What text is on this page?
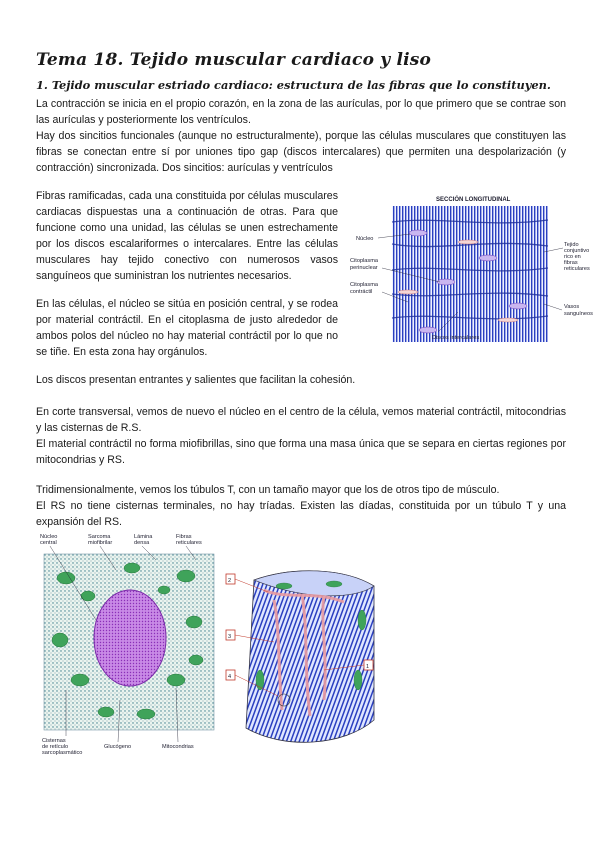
Tema 18. Tejido muscular cardiaco y liso
1. Tejido muscular estriado cardiaco: estructura de las fibras que lo constituyen.

La contracción se inicia en el propio corazón, en la zona de las aurículas, por lo que primero que se contrae son las aurículas y posteriormente los ventrículos.

Hay dos sincitios funcionales (aunque no estructuralmente), porque las células musculares que constituyen las fibras se conectan entre sí por uniones tipo gap (discos intercalares) que permiten una despolarización (y contracción) sincronizada. Dos sincitios: aurículas y ventrículos

Fibras ramificadas, cada una constituida por células musculares cardiacas dispuestas una a continuación de otras. Para que funcione como una unidad, las células se unen estrechamente por los discos escalariformes o intercalares. Entre las células musculares hay tejido conectivo con numerosos vasos sanguíneos que suministran los nutrientes necesarios.

En las células, el núcleo se sitúa en posición central, y se rodea por material contráctil. En el citoplasma de justo alrededor de ambos polos del núcleo no hay material contráctil por lo que no se tiñe. En esta zona hay orgánulos.

Los discos presentan entrantes y salientes que facilitan la cohesión.

En corte transversal, vemos de nuevo el núcleo en el centro de la célula, vemos material contráctil, mitocondrias y las cisternas de R.S.

El material contráctil no forma miofibrillas, sino que forma una masa única que se separa en ciertas regiones por mitocondrias y RS.

Tridimensionalmente, vemos los túbulos T, con un tamaño mayor que los de otros tipo de músculo.

El RS no tiene cisternas terminales, no hay tríadas. Existen las díadas, constituida por un túbulo T y una expansión del RS.

SECCIÓN LONGITUDINAL
Núcleo
Citoplasma
perinuclear
Citoplasma
contráctil
Discos intercalares
Tejido
conjuntivo
rico en
fibras
reticulares
Vasos
sanguíneos
Núcleo
central
Sarcoma
miofibrilar
Lámina
densa
Fibras
reticulares
Cisternas
de retículo
sarcoplasmático
Glucógeno	Mitocondrias
2
3
4
1
